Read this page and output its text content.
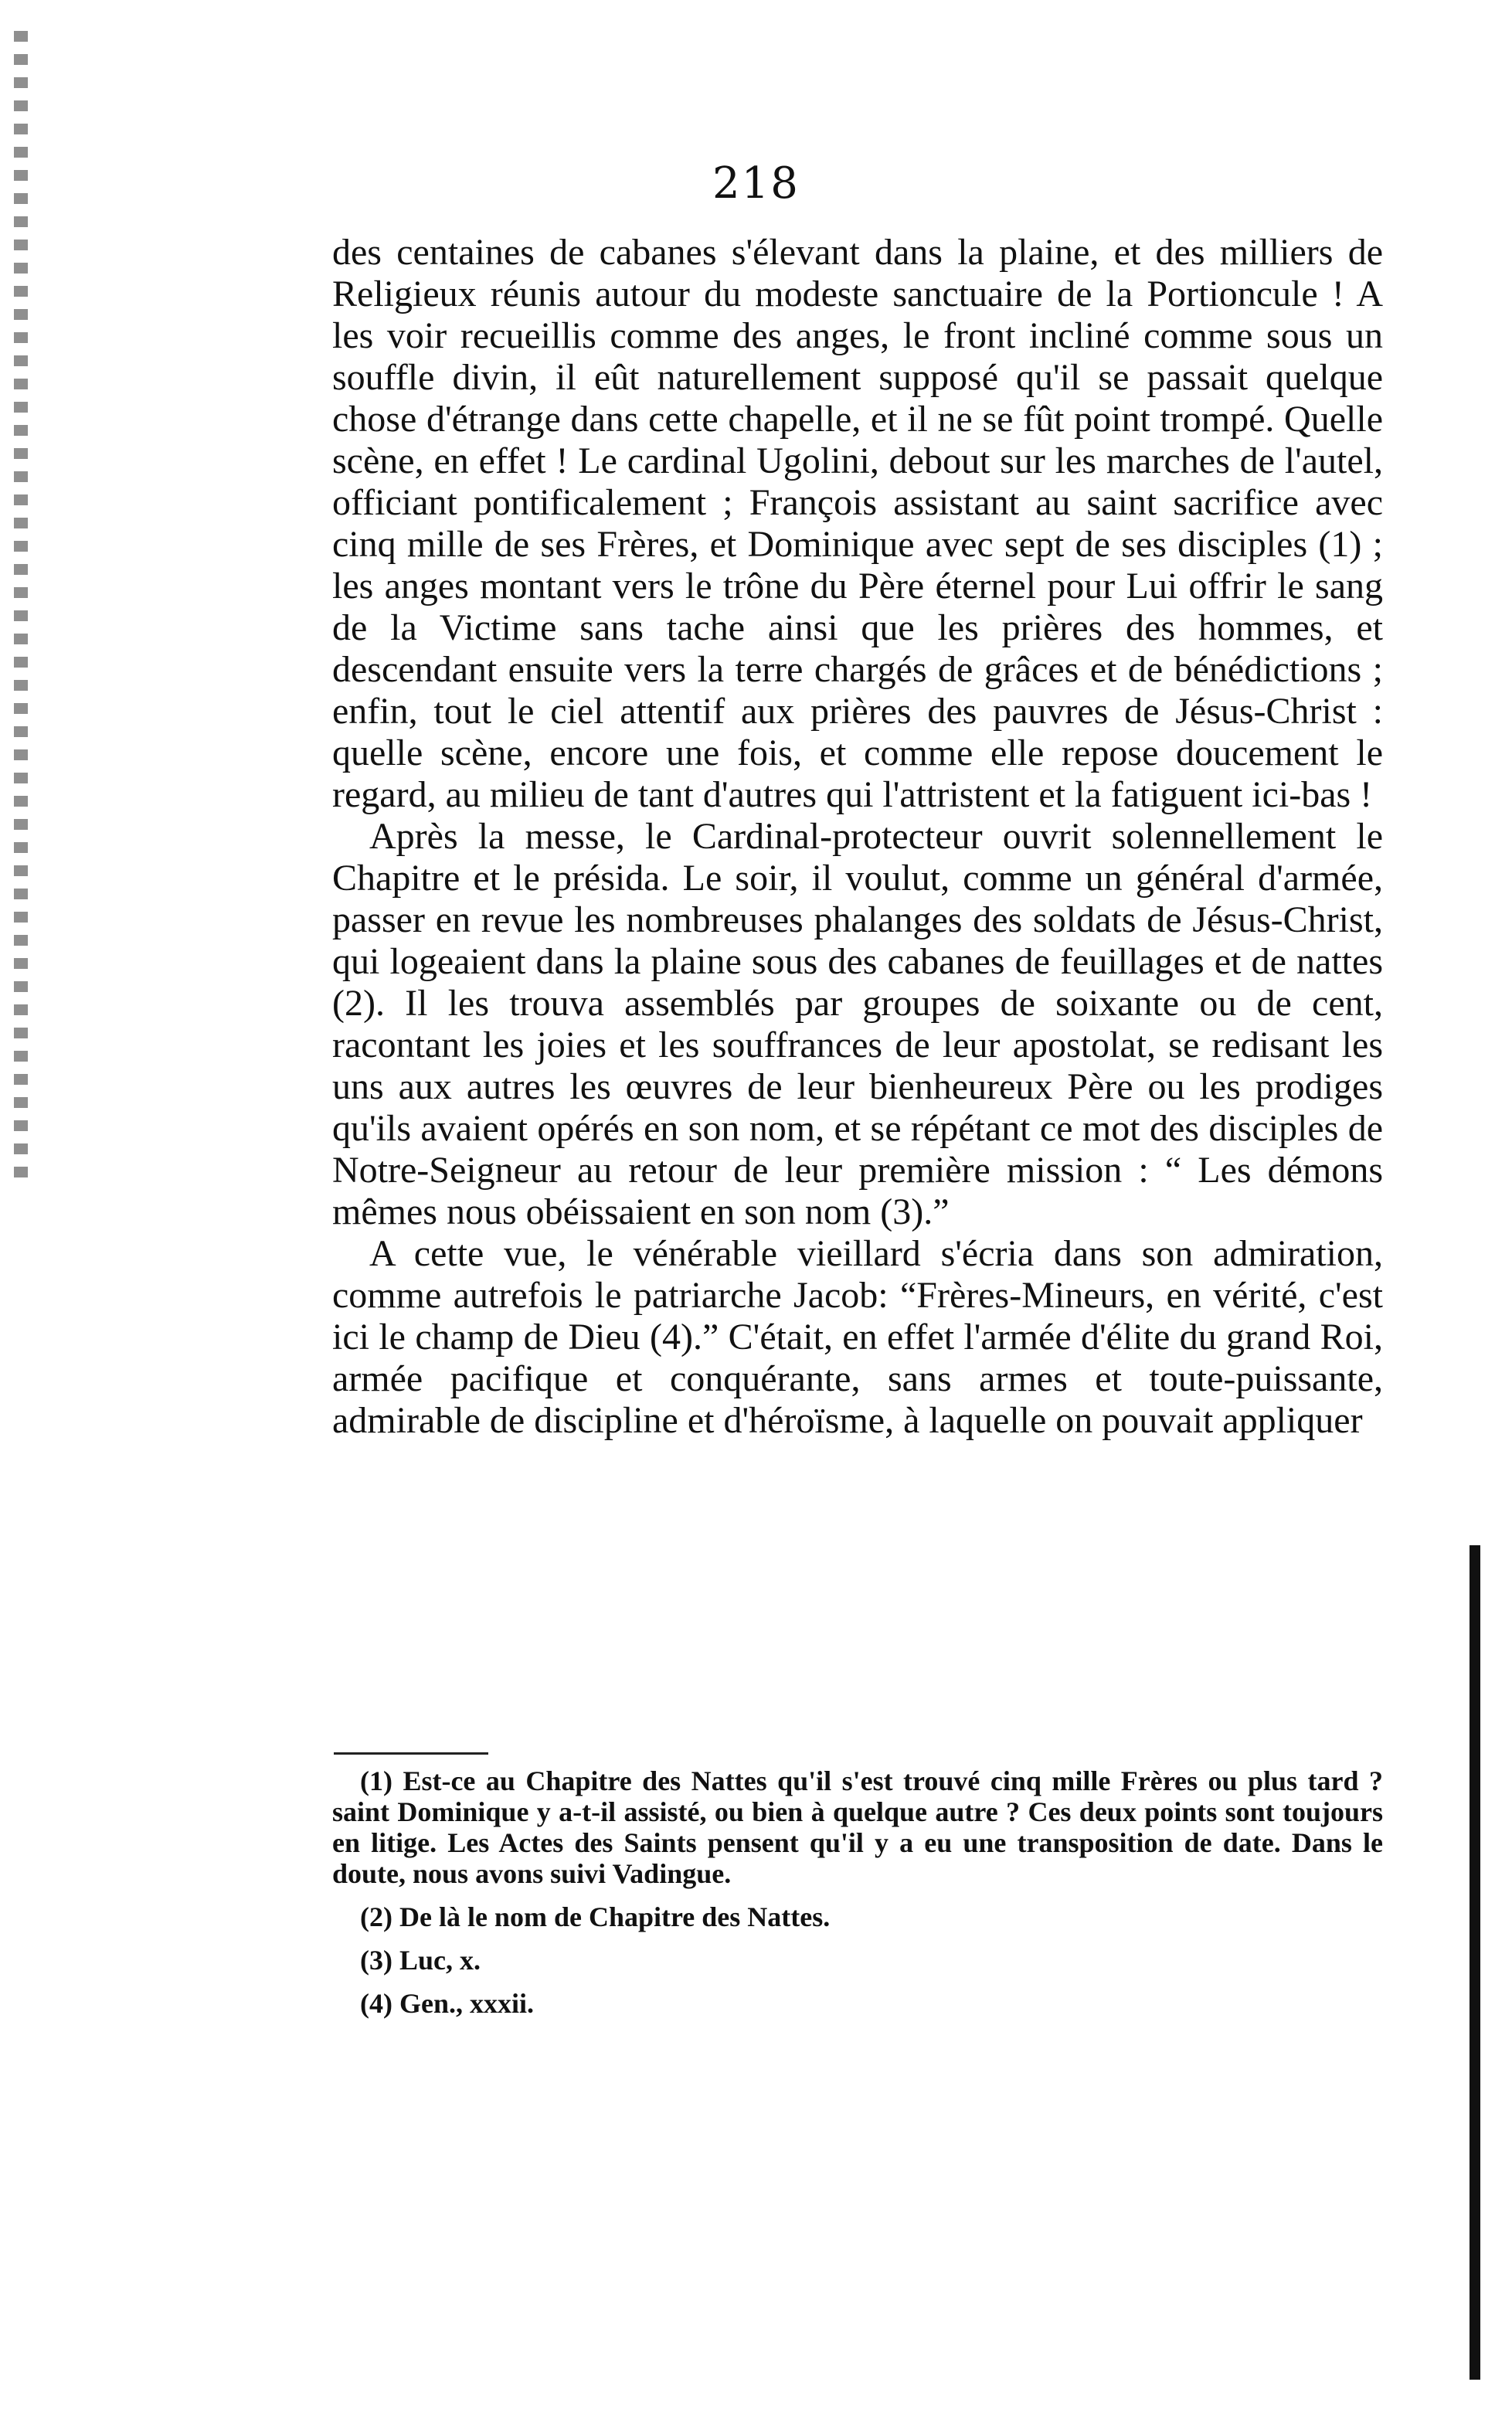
218

des centaines de cabanes s'élevant dans la plaine, et des milliers de Religieux réunis autour du modeste sanctuaire de la Portioncule ! A les voir recueillis comme des anges, le front incliné comme sous un souffle divin, il eût naturellement supposé qu'il se passait quelque chose d'étrange dans cette chapelle, et il ne se fût point trompé. Quelle scène, en effet ! Le cardinal Ugolini, debout sur les marches de l'autel, officiant pontificalement ; François assistant au saint sacrifice avec cinq mille de ses Frères, et Dominique avec sept de ses disciples (1) ; les anges montant vers le trône du Père éternel pour Lui offrir le sang de la Victime sans tache ainsi que les prières des hommes, et descendant ensuite vers la terre chargés de grâces et de bénédictions ; enfin, tout le ciel attentif aux prières des pauvres de Jésus-Christ : quelle scène, encore une fois, et comme elle repose doucement le regard, au milieu de tant d'autres qui l'attristent et la fatiguent ici-bas !

Après la messe, le Cardinal-protecteur ouvrit solennellement le Chapitre et le présida. Le soir, il voulut, comme un général d'armée, passer en revue les nombreuses phalanges des soldats de Jésus-Christ, qui logeaient dans la plaine sous des cabanes de feuillages et de nattes (2). Il les trouva assemblés par groupes de soixante ou de cent, racontant les joies et les souffrances de leur apostolat, se redisant les uns aux autres les œuvres de leur bienheureux Père ou les prodiges qu'ils avaient opérés en son nom, et se répétant ce mot des disciples de Notre-Seigneur au retour de leur première mission : “ Les démons mêmes nous obéissaient en son nom (3).”

A cette vue, le vénérable vieillard s'écria dans son admiration, comme autrefois le patriarche Jacob: “Frères-Mineurs, en vérité, c'est ici le champ de Dieu (4).” C'était, en effet l'armée d'élite du grand Roi, armée pacifique et conquérante, sans armes et toute-puissante, admirable de discipline et d'héroïsme, à laquelle on pouvait appliquer

(1) Est-ce au Chapitre des Nattes qu'il s'est trouvé cinq mille Frères ou plus tard ? saint Dominique y a-t-il assisté, ou bien à quelque autre ? Ces deux points sont toujours en litige. Les Actes des Saints pensent qu'il y a eu une transposition de date. Dans le doute, nous avons suivi Vadingue.

(2) De là le nom de Chapitre des Nattes.

(3) Luc, x.

(4) Gen., xxxii.
